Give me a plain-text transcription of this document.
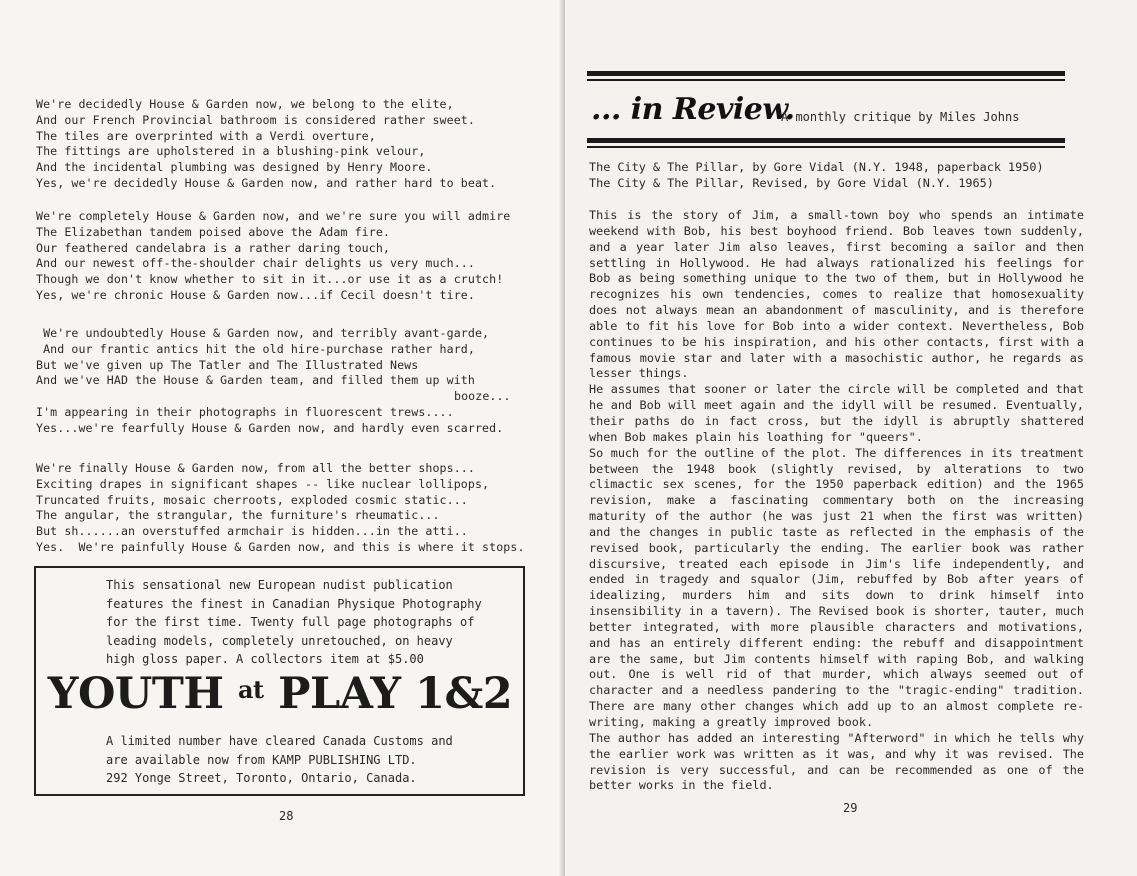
We're decidedly House & Garden now, we belong to the elite,
And our French Provincial bathroom is considered rather sweet.
The tiles are overprinted with a Verdi overture,
The fittings are upholstered in a blushing-pink velour,
And the incidental plumbing was designed by Henry Moore.
Yes, we're decidedly House & Garden now, and rather hard to beat.
We're completely House & Garden now, and we're sure you will admire
The Elizabethan tandem poised above the Adam fire.
Our feathered candelabra is a rather daring touch,
And our newest off-the-shoulder chair delights us very much...
Though we don't know whether to sit in it...or use it as a crutch!
Yes, we're chronic House & Garden now...if Cecil doesn't tire.
We're undoubtedly House & Garden now, and terribly avant-garde,
And our frantic antics hit the old hire-purchase rather hard,
But we've given up The Tatler and The Illustrated News
And we've HAD the House & Garden team, and filled them up with
booze...
I'm appearing in their photographs in fluorescent trews....
Yes...we're fearfully House & Garden now, and hardly even scarred.
We're finally House & Garden now, from all the better shops...
Exciting drapes in significant shapes -- like nuclear lollipops,
Truncated fruits, mosaic cherroots, exploded cosmic static...
The angular, the strangular, the furniture's rheumatic...
But sh......an overstuffed armchair is hidden...in the atti..
Yes.  We're painfully House & Garden now, and this is where it stops.
This sensational new European nudist publication
features the finest in Canadian Physique Photography
for the first time. Twenty full page photographs of
leading models, completely unretouched, on heavy
high gloss paper. A collectors item at $5.00
YOUTH $^{at}$ PLAY 1&2
A limited number have cleared Canada Customs and
are available now from KAMP PUBLISHING LTD.
292 Yonge Street, Toronto, Ontario, Canada.
28
... in Review.
A monthly critique by Miles Johns
The City & The Pillar, by Gore Vidal (N.Y. 1948, paperback 1950)
The City & The Pillar, Revised, by Gore Vidal (N.Y. 1965)

This is the story of Jim, a small-town boy who spends an intimate weekend with Bob, his best boyhood friend. Bob leaves town suddenly, and a year later Jim also leaves, first becoming a sailor and then settling in Hollywood. He had always rationalized his feelings for Bob as being something unique to the two of them, but in Hollywood he recognizes his own tendencies, comes to realize that homosexuality does not always mean an abandonment of masculinity, and is therefore able to fit his love for Bob into a wider context. Nevertheless, Bob continues to be his inspiration, and his other contacts, first with a famous movie star and later with a masochistic author, he regards as lesser things.

He assumes that sooner or later the circle will be completed and that he and Bob will meet again and the idyll will be resumed. Eventually, their paths do in fact cross, but the idyll is abruptly shattered when Bob makes plain his loathing for "queers".

So much for the outline of the plot. The differences in its treatment between the 1948 book (slightly revised, by alterations to two climactic sex scenes, for the 1950 paperback edition) and the 1965 revision, make a fascinating commentary both on the increasing maturity of the author (he was just 21 when the first was written) and the changes in public taste as reflected in the emphasis of the revised book, particularly the ending. The earlier book was rather discursive, treated each episode in Jim's life independently, and ended in tragedy and squalor (Jim, rebuffed by Bob after years of idealizing, murders him and sits down to drink himself into insensibility in a tavern). The Revised book is shorter, tauter, much better integrated, with more plausible characters and motivations, and has an entirely different ending: the rebuff and disappointment are the same, but Jim contents himself with raping Bob, and walking out. One is well rid of that murder, which always seemed out of character and a needless pandering to the "tragic-ending" tradition. There are many other changes which add up to an almost complete re-writing, making a greatly improved book.

The author has added an interesting "Afterword" in which he tells why the earlier work was written as it was, and why it was revised. The revision is very successful, and can be recommended as one of the better works in the field.

29
